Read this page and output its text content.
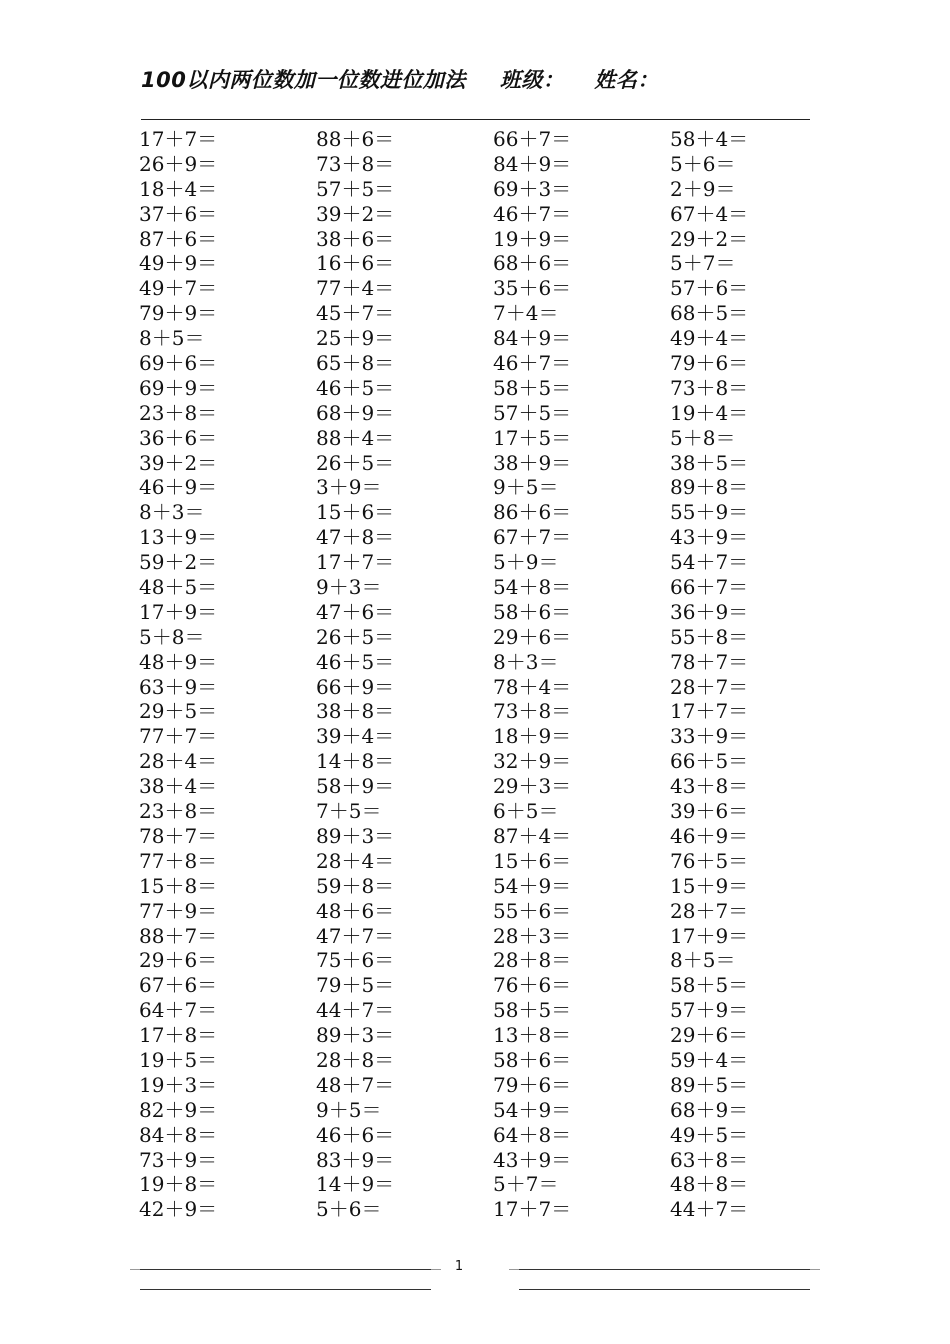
100以内两位数加一位数进位加法 班级： 姓名：
17＋7＝	88＋6＝	66＋7＝	58＋4＝
26＋9＝	73＋8＝	84＋9＝	5＋6＝
18＋4＝	57＋5＝	69＋3＝	2＋9＝
37＋6＝	39＋2＝	46＋7＝	67＋4＝
87＋6＝	38＋6＝	19＋9＝	29＋2＝
49＋9＝	16＋6＝	68＋6＝	5＋7＝
49＋7＝	77＋4＝	35＋6＝	57＋6＝
79＋9＝	45＋7＝	7＋4＝	68＋5＝
8＋5＝	25＋9＝	84＋9＝	49＋4＝
69＋6＝	65＋8＝	46＋7＝	79＋6＝
69＋9＝	46＋5＝	58＋5＝	73＋8＝
23＋8＝	68＋9＝	57＋5＝	19＋4＝
36＋6＝	88＋4＝	17＋5＝	5＋8＝
39＋2＝	26＋5＝	38＋9＝	38＋5＝
46＋9＝	3＋9＝	9＋5＝	89＋8＝
8＋3＝	15＋6＝	86＋6＝	55＋9＝
13＋9＝	47＋8＝	67＋7＝	43＋9＝
59＋2＝	17＋7＝	5＋9＝	54＋7＝
48＋5＝	9＋3＝	54＋8＝	66＋7＝
17＋9＝	47＋6＝	58＋6＝	36＋9＝
5＋8＝	26＋5＝	29＋6＝	55＋8＝
48＋9＝	46＋5＝	8＋3＝	78＋7＝
63＋9＝	66＋9＝	78＋4＝	28＋7＝
29＋5＝	38＋8＝	73＋8＝	17＋7＝
77＋7＝	39＋4＝	18＋9＝	33＋9＝
28＋4＝	14＋8＝	32＋9＝	66＋5＝
38＋4＝	58＋9＝	29＋3＝	43＋8＝
23＋8＝	7＋5＝	6＋5＝	39＋6＝
78＋7＝	89＋3＝	87＋4＝	46＋9＝
77＋8＝	28＋4＝	15＋6＝	76＋5＝
15＋8＝	59＋8＝	54＋9＝	15＋9＝
77＋9＝	48＋6＝	55＋6＝	28＋7＝
88＋7＝	47＋7＝	28＋3＝	17＋9＝
29＋6＝	75＋6＝	28＋8＝	8＋5＝
67＋6＝	79＋5＝	76＋6＝	58＋5＝
64＋7＝	44＋7＝	58＋5＝	57＋9＝
17＋8＝	89＋3＝	13＋8＝	29＋6＝
19＋5＝	28＋8＝	58＋6＝	59＋4＝
19＋3＝	48＋7＝	79＋6＝	89＋5＝
82＋9＝	9＋5＝	54＋9＝	68＋9＝
84＋8＝	46＋6＝	64＋8＝	49＋5＝
73＋9＝	83＋9＝	43＋9＝	63＋8＝
19＋8＝	14＋9＝	5＋7＝	48＋8＝
42＋9＝	5＋6＝	17＋7＝	44＋7＝
1
